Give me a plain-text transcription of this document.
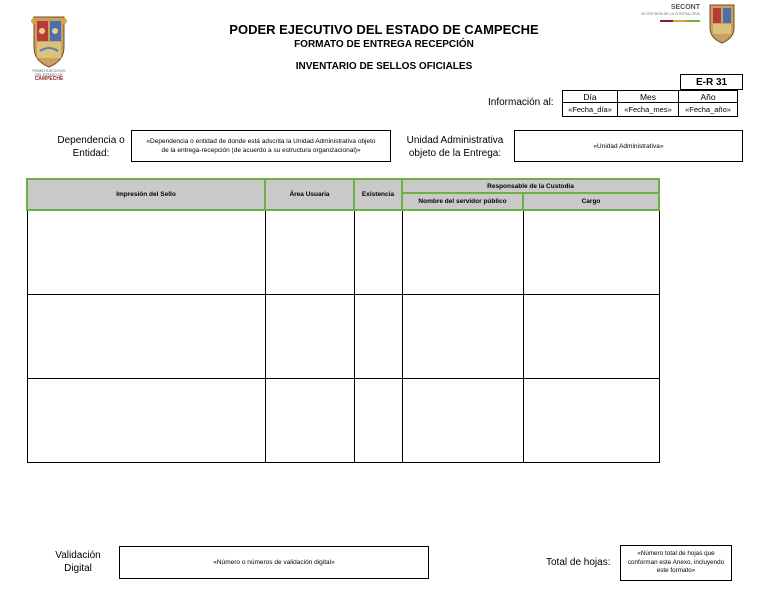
PODER EJECUTIVO
DEL ESTADO DE
CAMPECHE
SECONT
SECRETARÍA DE LA CONTRALORÍA
PODER EJECUTIVO DEL ESTADO DE CAMPECHE
FORMATO DE ENTREGA RECEPCIÓN
INVENTARIO DE SELLOS OFICIALES
E-R 31
Información al:
Día	Mes	Año
«Fecha_día»	«Fecha_mes»	«Fecha_año»
Dependencia o Entidad:
«Dependencia o entidad de donde está adscrita la Unidad Administrativa objeto de la entrega-recepción (de acuerdo a su estructura organizacional)»
Unidad Administrativa objeto de la Entrega:
«Unidad Administrativa»
Impresión del Sello	Área Usuaria	Existencia	Responsable de la Custodia	
			Nombre del servidor público	Cargo

Validación Digital
«Número o números de validación digital»	Total de hojas:
«Número total de hojas que conforman este Anexo, incluyendo este formato»
